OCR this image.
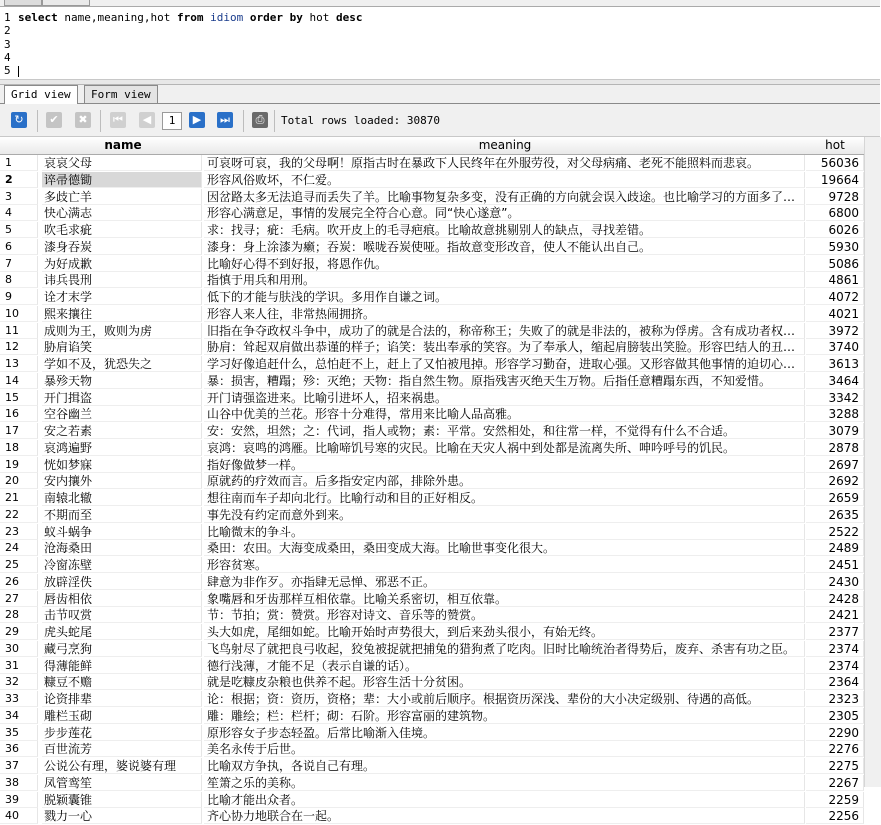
1 select name,meaning,hot from idiom order by hot desc
2
3
4
5
Grid view	Form view
↻	✔	✖	⏮	◀	1	▶	⏭	⎙	Total rows loaded: 30870
name	meaning	hot
1	哀哀父母	可哀呀可哀，我的父母啊！原指古时在暴政下人民终年在外服劳役，对父母病痛、老死不能照料而悲哀。	56036
2	谇帚德锄	形容风俗败坏，不仁爱。	19664
3	多歧亡羊	因岔路太多无法追寻而丢失了羊。比喻事物复杂多变，没有正确的方向就会误入歧途。也比喻学习的方面多了…	9728
4	快心满志	形容心满意足，事情的发展完全符合心意。同“快心遂意”。	6800
5	吹毛求疵	求：找寻；疵：毛病。吹开皮上的毛寻疤痕。比喻故意挑剔别人的缺点，寻找差错。	6026
6	漆身吞炭	漆身：身上涂漆为癞；吞炭：喉咙吞炭使哑。指故意变形改音，使人不能认出自己。	5930
7	为好成歉	比喻好心得不到好报，将恩作仇。	5086
8	讳兵畏刑	指慎于用兵和用刑。	4861
9	诠才末学	低下的才能与肤浅的学识。多用作自谦之词。	4072
10	熙来攘往	形容人来人往，非常热闹拥挤。	4021
11	成则为王，败则为虏	旧指在争夺政权斗争中，成功了的就是合法的，称帝称王；失败了的就是非法的，被称为俘虏。含有成功者权…	3972
12	胁肩谄笑	胁肩：耸起双肩做出恭谨的样子；谄笑：装出奉承的笑容。为了奉承人，缩起肩膀装出笑脸。形容巴结人的丑…	3740
13	学如不及，犹恐失之	学习好像追赶什么，总怕赶不上，赶上了又怕被甩掉。形容学习勤奋，进取心强。又形容做其他事情的迫切心…	3613
14	暴殄天物	暴：损害，糟蹋；殄：灭绝；天物：指自然生物。原指残害灭绝天生万物。后指任意糟蹋东西，不知爱惜。	3464
15	开门揖盗	开门请强盗进来。比喻引进坏人，招来祸患。	3342
16	空谷幽兰	山谷中优美的兰花。形容十分难得，常用来比喻人品高雅。	3288
17	安之若素	安：安然，坦然；之：代词，指人或物；素：平常。安然相处，和往常一样，不觉得有什么不合适。	3079
18	哀鸿遍野	哀鸿：哀鸣的鸿雁。比喻啼饥号寒的灾民。比喻在天灾人祸中到处都是流离失所、呻吟呼号的饥民。	2878
19	恍如梦寐	指好像做梦一样。	2697
20	安内攘外	原就药的疗效而言。后多指安定内部，排除外患。	2692
21	南辕北辙	想往南而车子却向北行。比喻行动和目的正好相反。	2659
22	不期而至	事先没有约定而意外到来。	2635
23	蚁斗蜗争	比喻微末的争斗。	2522
24	沧海桑田	桑田：农田。大海变成桑田，桑田变成大海。比喻世事变化很大。	2489
25	冷窗冻壁	形容贫寒。	2451
26	放辟淫佚	肆意为非作歹。亦指肆无忌惮、邪恶不正。	2430
27	唇齿相依	象嘴唇和牙齿那样互相依靠。比喻关系密切，相互依靠。	2428
28	击节叹赏	节：节拍；赏：赞赏。形容对诗文、音乐等的赞赏。	2421
29	虎头蛇尾	头大如虎，尾细如蛇。比喻开始时声势很大，到后来劲头很小，有始无终。	2377
30	藏弓烹狗	飞鸟射尽了就把良弓收起，狡兔被捉就把捕兔的猎狗煮了吃肉。旧时比喻统治者得势后，废弃、杀害有功之臣。	2374
31	得薄能鲜	德行浅薄，才能不足（表示自谦的话）。	2374
32	糠豆不赡	就是吃糠皮杂粮也供养不起。形容生活十分贫困。	2364
33	论资排辈	论：根据；资：资历，资格；辈：大小或前后顺序。根据资历深浅、辈份的大小决定级别、待遇的高低。	2323
34	雕栏玉砌	雕：雕绘；栏：栏杆；砌：石阶。形容富丽的建筑物。	2305
35	步步莲花	原形容女子步态轻盈。后常比喻渐入佳境。	2290
36	百世流芳	美名永传于后世。	2276
37	公说公有理，婆说婆有理	比喻双方争执，各说自己有理。	2275
38	凤管鸾笙	笙箫之乐的美称。	2267
39	脱颖囊锥	比喻才能出众者。	2259
40	戮力一心	齐心协力地联合在一起。	2256
